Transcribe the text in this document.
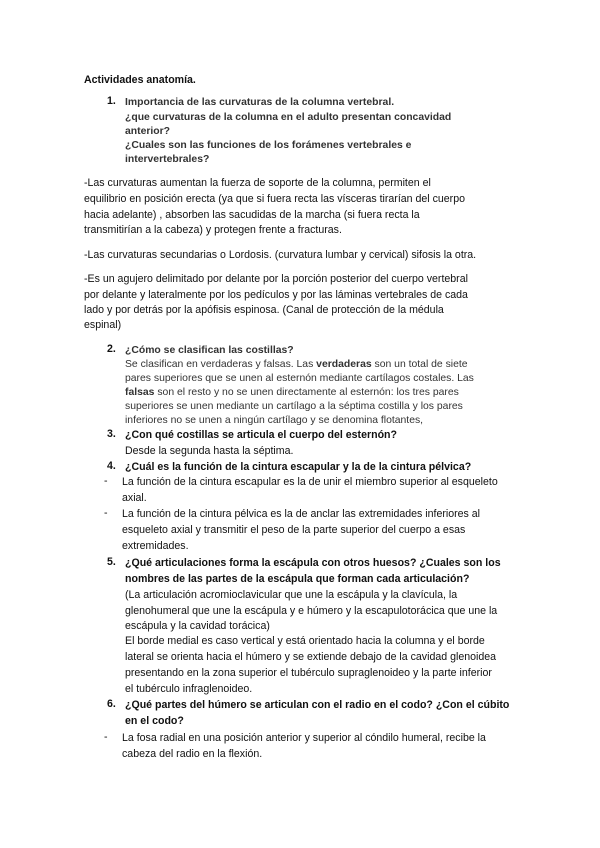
Actividades anatomía.
1. Importancia de las curvaturas de la columna vertebral.
¿que curvaturas de la columna en el adulto presentan concavidad
anterior?
¿Cuales son las funciones de los forámenes vertebrales e
intervertebrales?
-Las curvaturas aumentan la fuerza de soporte de la columna, permiten el
equilibrio en posición erecta (ya que si fuera recta las vísceras tirarían del cuerpo
hacia adelante) , absorben las sacudidas de la marcha (si fuera recta la
transmitirían a la cabeza) y protegen frente a fracturas.
-Las curvaturas secundarias o Lordosis. (curvatura lumbar y cervical) sifosis la otra.
-Es un agujero delimitado por delante por la porción posterior del cuerpo vertebral
por delante y lateralmente por los pedículos y por las láminas vertebrales de cada
lado y por detrás por la apófisis espinosa. (Canal de protección de la médula
espinal)
2. ¿Cómo se clasifican las costillas?
Se clasifican en verdaderas y falsas. Las verdaderas son un total de siete
pares superiores que se unen al esternón mediante cartílagos costales. Las
falsas son el resto y no se unen directamente al esternón: los tres pares
superiores se unen mediante un cartílago a la séptima costilla y los pares
inferiores no se unen a ningún cartílago y se denomina flotantes,
3. ¿Con qué costillas se articula el cuerpo del esternón?
Desde la segunda hasta la séptima.
4. ¿Cuál es la función de la cintura escapular y la de la cintura pélvica?
- La función de la cintura escapular es la de unir el miembro superior al esqueleto
axial.
- La función de la cintura pélvica es la de anclar las extremidades inferiores al
esqueleto axial y transmitir el peso de la parte superior del cuerpo a esas
extremidades.
5. ¿Qué articulaciones forma la escápula con otros huesos? ¿Cuales son los
nombres de las partes de la escápula que forman cada articulación?
(La articulación acromioclavicular que une la escápula y la clavícula, la
glenohumeral que une la escápula y e húmero y la escapulotorácica que une la
escápula y la cavidad torácica)
El borde medial es caso vertical y está orientado hacia la columna y el borde
lateral se orienta hacia el húmero y se extiende debajo de la cavidad glenoidea
presentando en la zona superior el tubérculo supraglenoideo y la parte inferior
el tubérculo infraglenoideo.
6. ¿Qué partes del húmero se articulan con el radio en el codo? ¿Con el cúbito
en el codo?
- La fosa radial en una posición anterior y superior al cóndilo humeral, recibe la
cabeza del radio en la flexión.
